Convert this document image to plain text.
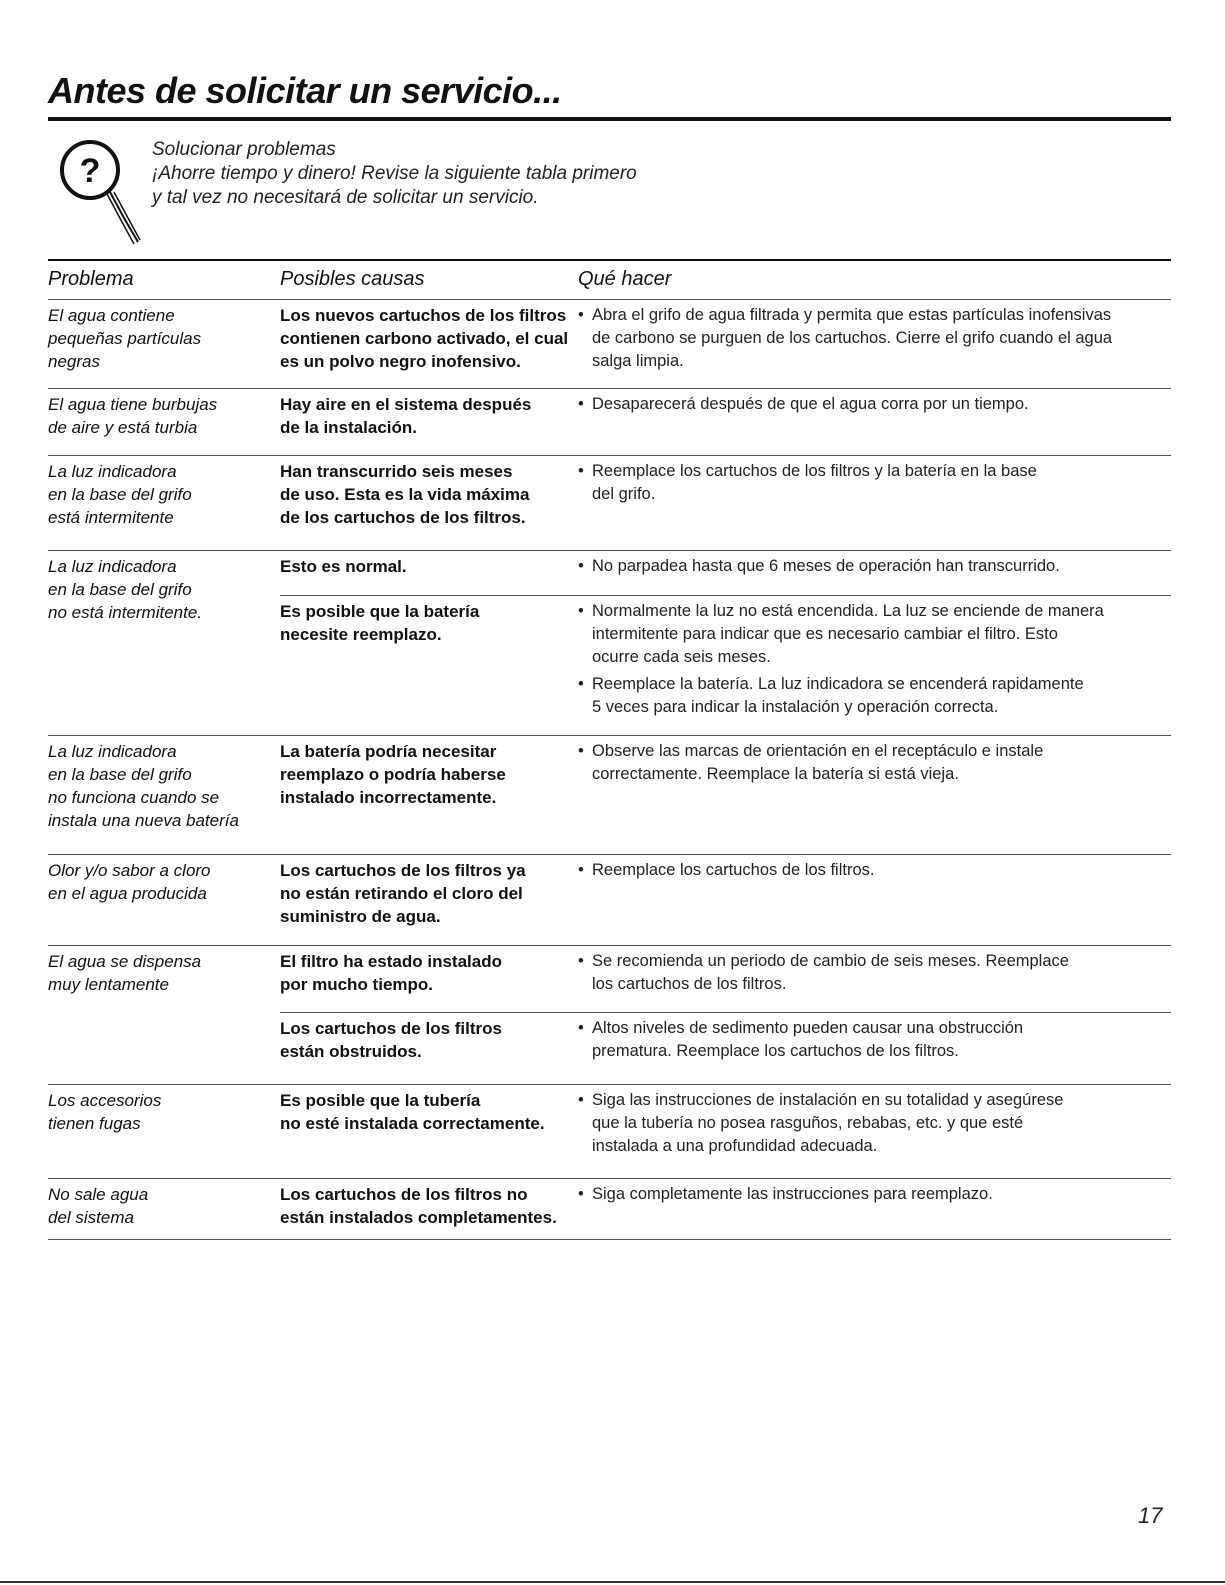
Antes de solicitar un servicio...
?
Solucionar problemas
¡Ahorre tiempo y dinero! Revise la siguiente tabla primero
y tal vez no necesitará de solicitar un servicio.
Problema	Posibles causas	Qué hacer
El agua contiene
pequeñas partículas
negras
Los nuevos cartuchos de los filtros
contienen carbono activado, el cual
es un polvo negro inofensivo.
• Abra el grifo de agua filtrada y permita que estas partículas inofensivas
de carbono se purguen de los cartuchos. Cierre el grifo cuando el agua
salga limpia.
El agua tiene burbujas
de aire y está turbia
Hay aire en el sistema después
de la instalación.
• Desaparecerá después de que el agua corra por un tiempo.
La luz indicadora
en la base del grifo
está intermitente
Han transcurrido seis meses
de uso. Esta es la vida máxima
de los cartuchos de los filtros.
• Reemplace los cartuchos de los filtros y la batería en la base
del grifo.
La luz indicadora
en la base del grifo
no está intermitente.
Esto es normal.
•	No parpadea hasta que 6 meses de operación han transcurrido.
Es posible que la batería
necesite reemplazo.
• Normalmente la luz no está encendida. La luz se enciende de manera
intermitente para indicar que es necesario cambiar el filtro. Esto
ocurre cada seis meses.
• Reemplace la batería. La luz indicadora se encenderá rapidamente
5 veces para indicar la instalación y operación correcta.
La luz indicadora
en la base del grifo
no funciona cuando se
instala una nueva batería
La batería podría necesitar
reemplazo o podría haberse
instalado incorrectamente.
• Observe las marcas de orientación en el receptáculo e instale
correctamente. Reemplace la batería si está vieja.
Olor y/o sabor a cloro
en el agua producida
Los cartuchos de los filtros ya
no están retirando el cloro del
suministro de agua.
• Reemplace los cartuchos de los filtros.
El agua se dispensa
muy lentamente
El filtro ha estado instalado
por mucho tiempo.
• Se recomienda un periodo de cambio de seis meses. Reemplace
los cartuchos de los filtros.
Los cartuchos de los filtros
están obstruidos.
• Altos niveles de sedimento pueden causar una obstrucción
prematura. Reemplace los cartuchos de los filtros.
Los accesorios
tienen fugas
Es posible que la tubería
no esté instalada correctamente.
• Siga las instrucciones de instalación en su totalidad y asegúrese
que la tubería no posea rasguños, rebabas, etc. y que esté
instalada a una profundidad adecuada.
No sale agua
del sistema
Los cartuchos de los filtros no
están instalados completamentes.
• Siga completamente las instrucciones para reemplazo.
17
